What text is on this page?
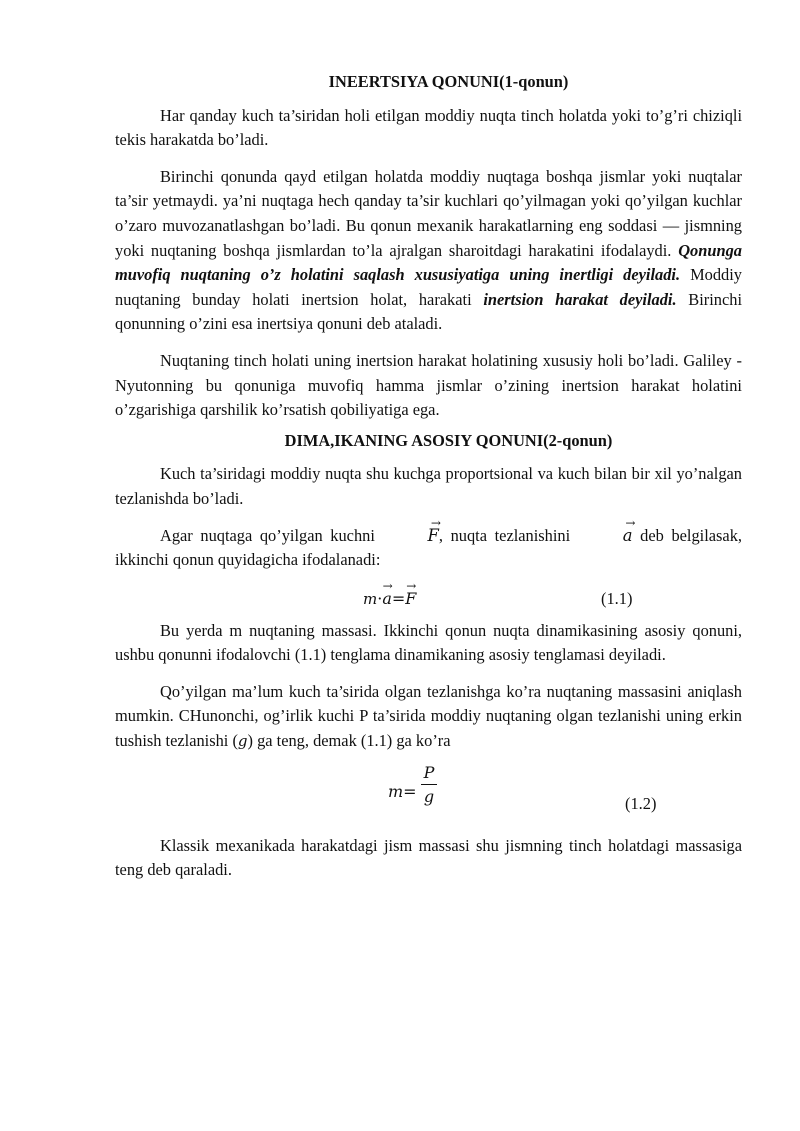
INEERTSIYA QONUNI(1-qonun)

Har qanday kuch ta’siridan holi etilgan moddiy nuqta tinch holatda yoki to’g’ri chiziqli tekis harakatda bo’ladi.

Birinchi qonunda qayd etilgan holatda moddiy nuqtaga boshqa jismlar yoki nuqtalar ta’sir yetmaydi. ya’ni nuqtaga hech qanday ta’sir kuchlari qo’yilmagan yoki qo’yilgan kuchlar o’zaro muvozanatlashgan bo’ladi. Bu qonun mexanik harakatlarning eng soddasi — jismning yoki nuqtaning boshqa jismlardan to’la ajralgan sharoitdagi harakatini ifodalaydi. Qonunga muvofiq nuqtaning o’z holatini saqlash xususiyatiga uning inertligi deyiladi. Moddiy nuqtaning bunday holati inertsion holat, harakati inertsion harakat deyiladi. Birinchi qonunning o’zini esa inertsiya qonuni deb ataladi.

Nuqtaning tinch holati uning inertsion harakat holatining xususiy holi bo’ladi. Galiley - Nyutonning bu qonuniga muvofiq hamma jismlar o’zining inertsion harakat holatini o’zgarishiga qarshilik ko’rsatish qobiliyatiga ega.

DIMA,IKANING ASOSIY QONUNI(2-qonun)

Kuch ta’siridagi moddiy nuqta shu kuchga proportsional va kuch bilan bir xil yo’nalgan tezlanishda bo’ladi.

Agar nuqtaga qo’yilgan kuchni	→ F, nuqta tezlanishini	→ a deb belgilasak, ikkinchi qonun quyidagicha ifodalanadi:

m·→ a=→ F	(1.1)

Bu yerda m nuqtaning massasi. Ikkinchi qonun nuqta dinamikasining asosiy qonuni, ushbu qonunni ifodalovchi (1.1) tenglama dinamikaning asosiy tenglamasi deyiladi.

Qo’yilgan ma’lum kuch ta’sirida olgan tezlanishga ko’ra nuqtaning massasini aniqlash mumkin. CHunonchi, og’irlik kuchi P ta’sirida moddiy nuqtaning olgan tezlanishi uning erkin tushish tezlanishi (g) ga teng, demak (1.1) ga ko’ra

$m= \frac{P}{g}$	(1.2)

Klassik mexanikada harakatdagi jism massasi shu jismning tinch holatdagi massasiga teng deb qaraladi.
